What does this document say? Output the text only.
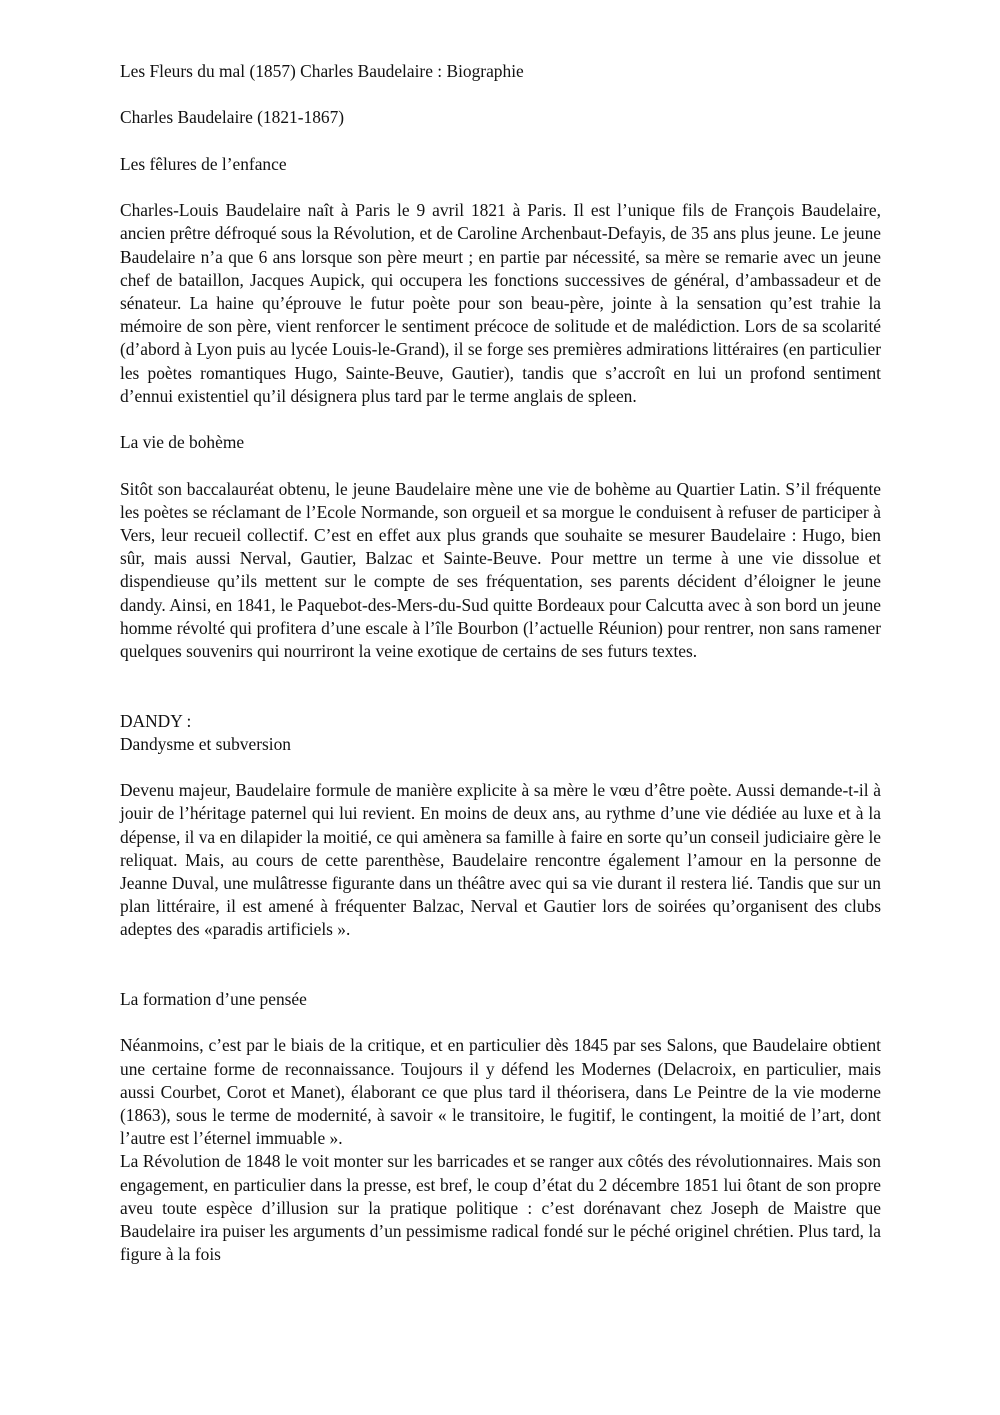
Les Fleurs du mal (1857) Charles Baudelaire : Biographie

Charles Baudelaire (1821-1867)

Les fêlures de l’enfance

Charles-Louis Baudelaire naît à Paris le 9 avril 1821 à Paris. Il est l’unique fils de François Baudelaire, ancien prêtre défroqué sous la Révolution, et de Caroline Archenbaut-Defayis, de 35 ans plus jeune. Le jeune Baudelaire n’a que 6 ans lorsque son père meurt ; en partie par nécessité, sa mère se remarie avec un jeune chef de bataillon, Jacques Aupick, qui occupera les fonctions successives de général, d’ambassadeur et de sénateur. La haine qu’éprouve le futur poète pour son beau-père, jointe à la sensation qu’est trahie la mémoire de son père, vient renforcer le sentiment précoce de solitude et de malédiction. Lors de sa scolarité (d’abord à Lyon puis au lycée Louis-le-Grand), il se forge ses premières admirations littéraires (en particulier les poètes romantiques Hugo, Sainte-Beuve, Gautier), tandis que s’accroît en lui un profond sentiment d’ennui existentiel qu’il désignera plus tard par le terme anglais de spleen.

La vie de bohème

Sitôt son baccalauréat obtenu, le jeune Baudelaire mène une vie de bohème au Quartier Latin. S’il fréquente les poètes se réclamant de l’Ecole Normande, son orgueil et sa morgue le conduisent à refuser de participer à Vers, leur recueil collectif. C’est en effet aux plus grands que souhaite se mesurer Baudelaire : Hugo, bien sûr, mais aussi Nerval, Gautier, Balzac et Sainte-Beuve. Pour mettre un terme à une vie dissolue et dispendieuse qu’ils mettent sur le compte de ses fréquentation, ses parents décident d’éloigner le jeune dandy. Ainsi, en 1841, le Paquebot-des-Mers-du-Sud quitte Bordeaux pour Calcutta avec à son bord un jeune homme révolté qui profitera d’une escale à l’île Bourbon (l’actuelle Réunion) pour rentrer, non sans ramener quelques souvenirs qui nourriront la veine exotique de certains de ses futurs textes.

DANDY :

Dandysme et subversion

Devenu majeur, Baudelaire formule de manière explicite à sa mère le vœu d’être poète. Aussi demande-t-il à jouir de l’héritage paternel qui lui revient. En moins de deux ans, au rythme d’une vie dédiée au luxe et à la dépense, il va en dilapider la moitié, ce qui amènera sa famille à faire en sorte qu’un conseil judiciaire gère le reliquat. Mais, au cours de cette parenthèse, Baudelaire rencontre également l’amour en la personne de Jeanne Duval, une mulâtresse figurante dans un théâtre avec qui sa vie durant il restera lié. Tandis que sur un plan littéraire, il est amené à fréquenter Balzac, Nerval et Gautier lors de soirées qu’organisent des clubs adeptes des «paradis artificiels ».

La formation d’une pensée

Néanmoins, c’est par le biais de la critique, et en particulier dès 1845 par ses Salons, que Baudelaire obtient une certaine forme de reconnaissance. Toujours il y défend les Modernes (Delacroix, en particulier, mais aussi Courbet, Corot et Manet), élaborant ce que plus tard il théorisera, dans Le Peintre de la vie moderne (1863), sous le terme de modernité, à savoir « le transitoire, le fugitif, le contingent, la moitié de l’art, dont l’autre est l’éternel immuable ».

La Révolution de 1848 le voit monter sur les barricades et se ranger aux côtés des révolutionnaires. Mais son engagement, en particulier dans la presse, est bref, le coup d’état du 2 décembre 1851 lui ôtant de son propre aveu toute espèce d’illusion sur la pratique politique : c’est dorénavant chez Joseph de Maistre que Baudelaire ira puiser les arguments d’un pessimisme radical fondé sur le péché originel chrétien. Plus tard, la figure à la fois
